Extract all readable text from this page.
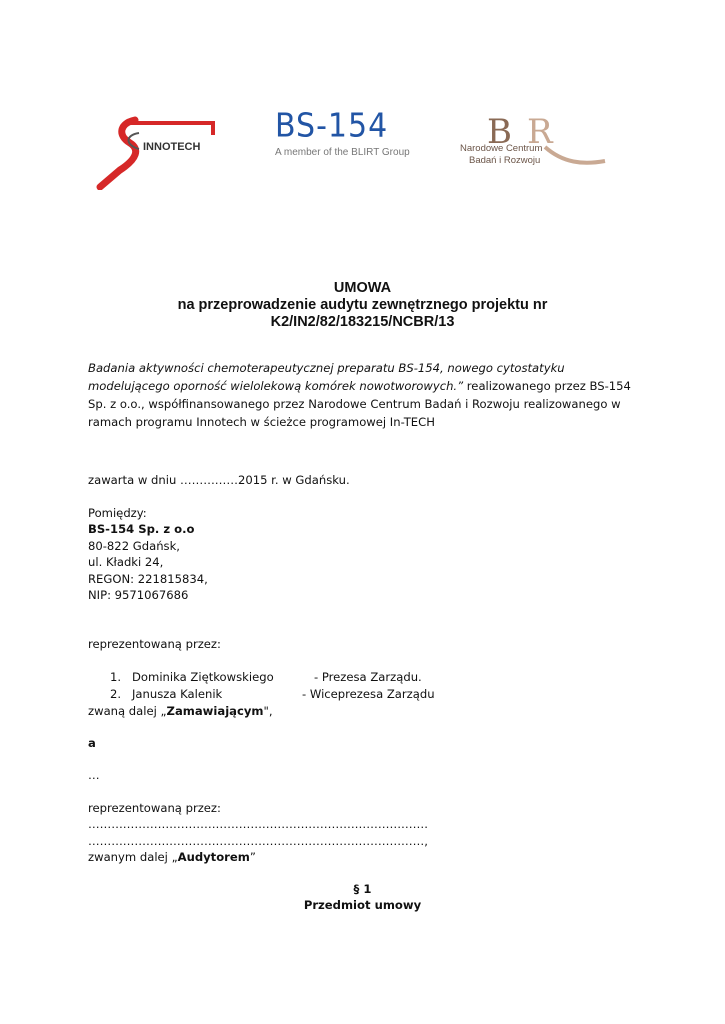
INNOTECH
BS-154
A member of the BLIRT Group
B R
Narodowe Centrum
Badań i Rozwoju
UMOWA
na przeprowadzenie audytu zewnętrznego projektu nr
K2/IN2/82/183215/NCBR/13
Badania aktywności chemoterapeutycznej preparatu BS-154, nowego cytostatyku modelującego oporność wielolekową komórek nowotworowych.” realizowanego przez BS-154 Sp. z o.o., współfinansowanego przez Narodowe Centrum Badań i Rozwoju realizowanego w ramach programu Innotech w ścieżce programowej In-TECH
zawarta w dniu ……………2015 r. w Gdańsku.
Pomiędzy:
BS-154 Sp. z o.o
80-822 Gdańsk,
ul. Kładki 24,
REGON: 221815834,
NIP: 9571067686
reprezentowaną przez:
1. Dominika Ziętkowskiego	- Prezesa Zarządu.
2. Janusza Kalenik	- Wiceprezesa Zarządu
zwaną dalej „Zamawiającym",
a
…
reprezentowaną przez:
…………………………………………………………………………….
……………………………………………………………………………,
zwanym dalej „Audytorem”
§ 1
Przedmiot umowy
